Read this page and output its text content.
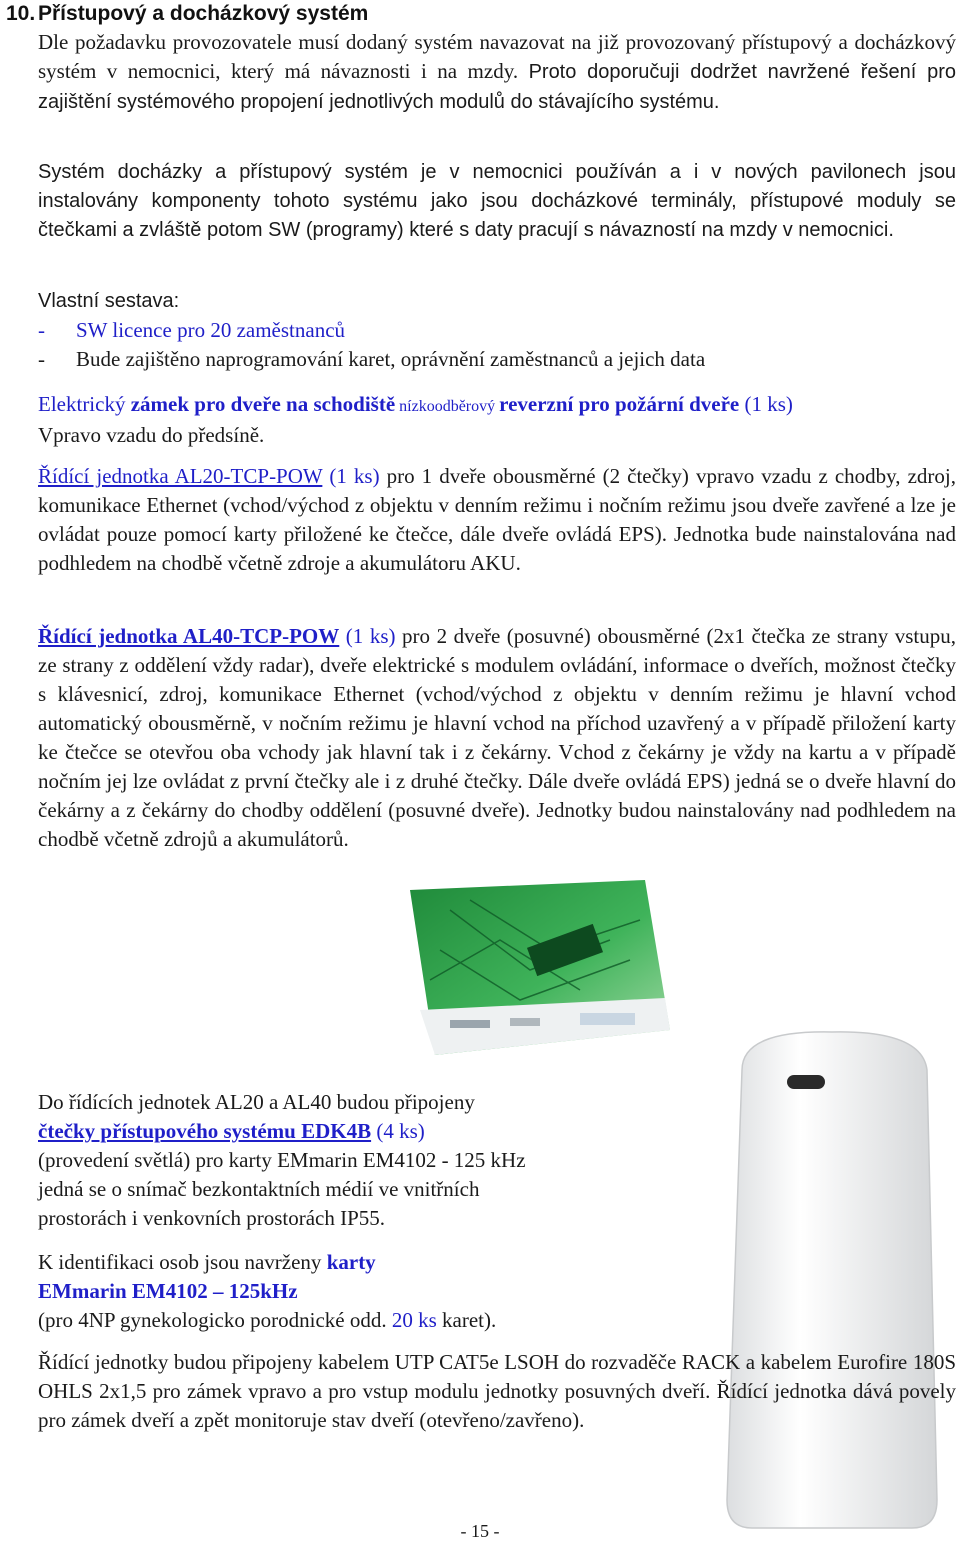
10. Přístupový a docházkový systém

Dle požadavku provozovatele musí dodaný systém navazovat na již provozovaný přístupový a docházkový systém v nemocnici, který má návaznosti i na mzdy. Proto doporučuji dodržet navržené řešení pro zajištění systémového propojení jednotlivých modulů do stávajícího systému.

Systém docházky a přístupový systém je v nemocnici používán a i v nových pavilonech jsou instalovány komponenty tohoto systému jako jsou docházkové terminály, přístupové moduly se čtečkami a zvláště potom SW (programy) které s daty pracují s návazností na mzdy v nemocnici.

Vlastní sestava:
- SW licence pro 20 zaměstnanců
- Bude zajištěno naprogramování karet, oprávnění zaměstnanců a jejich data
Elektrický zámek pro dveře na schodiště nízkoodběrový reverzní pro požární dveře (1 ks)
Vpravo vzadu do předsíně.

Řídící jednotka AL20-TCP-POW (1 ks) pro 1 dveře obousměrné (2 čtečky) vpravo vzadu z chodby, zdroj, komunikace Ethernet (vchod/východ z objektu v denním režimu i nočním režimu jsou dveře zavřené a lze je ovládat pouze pomocí karty přiložené ke čtečce, dále dveře ovládá EPS). Jednotka bude nainstalována nad podhledem na chodbě včetně zdroje a akumulátoru AKU.

Řídící jednotka AL40-TCP-POW (1 ks) pro 2 dveře (posuvné) obousměrné (2x1 čtečka ze strany vstupu, ze strany z oddělení vždy radar), dveře elektrické s modulem ovládání, informace o dveřích, možnost čtečky s klávesnicí, zdroj, komunikace Ethernet (vchod/východ z objektu v denním režimu je hlavní vchod automatický obousměrně, v nočním režimu je hlavní vchod na příchod uzavřený a v případě přiložení karty ke čtečce se otevřou oba vchody jak hlavní tak i z čekárny. Vchod z čekárny je vždy na kartu a v případě nočním jej lze ovládat z první čtečky ale i z druhé čtečky. Dále dveře ovládá EPS) jedná se o dveře hlavní do čekárny a z čekárny do chodby oddělení (posuvné dveře). Jednotky budou nainstalovány nad podhledem na chodbě včetně zdrojů a akumulátorů.

Do řídících jednotek AL20 a AL40 budou připojeny
čtečky přístupového systému EDK4B (4 ks)
(provedení světlá) pro karty EMmarin EM4102 - 125 kHz
jedná se o snímač bezkontaktních médií ve vnitřních
prostorách i venkovních prostorách IP55.
K identifikaci osob jsou navrženy karty
EMmarin EM4102 – 125kHz
(pro 4NP gynekologicko porodnické odd. 20 ks karet).

Řídící jednotky budou připojeny kabelem UTP CAT5e LSOH do rozvaděče RACK a kabelem Eurofire 180S OHLS 2x1,5 pro zámek vpravo a pro vstup modulu jednotky posuvných dveří. Řídící jednotka dává povely pro zámek dveří a zpět monitoruje stav dveří (otevřeno/zavřeno).

- 15 -
